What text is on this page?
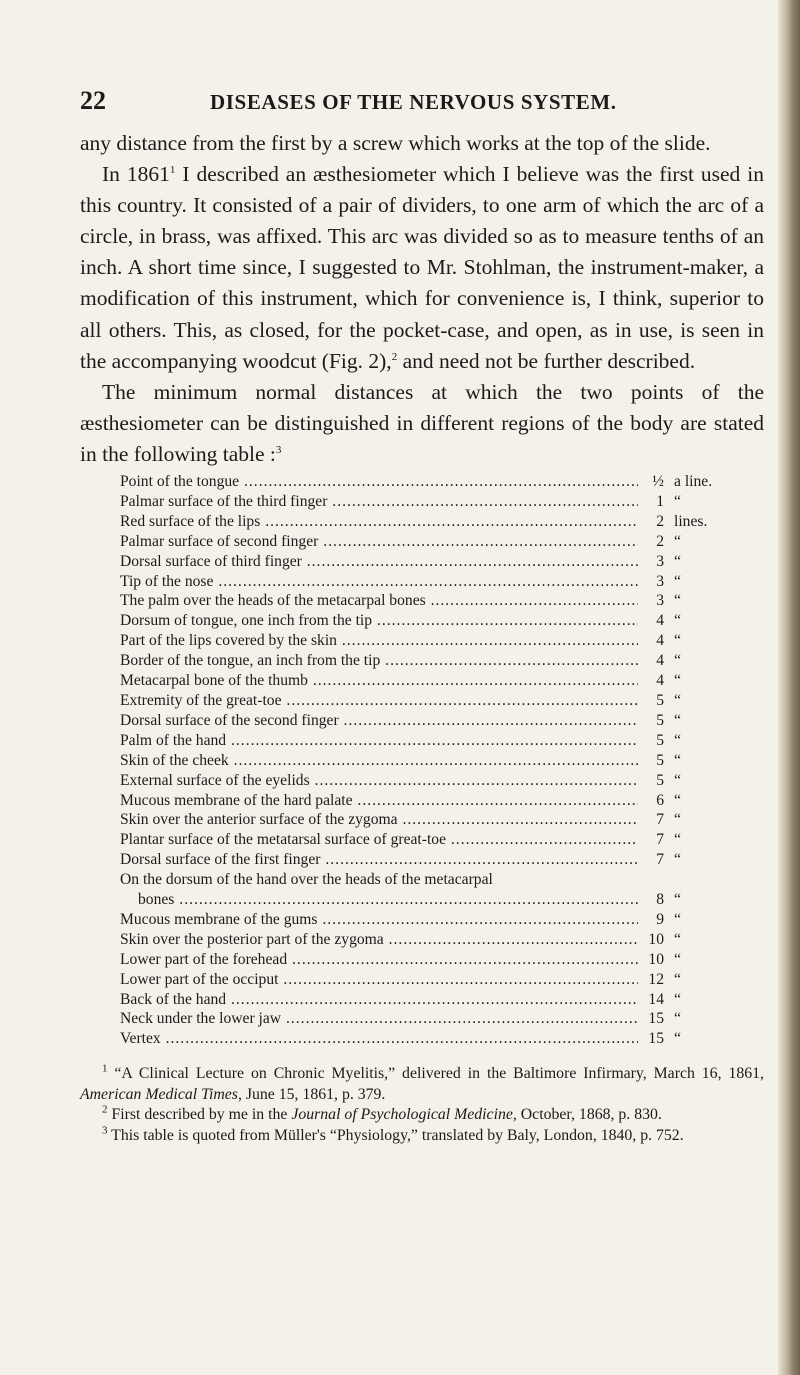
22	DISEASES OF THE NERVOUS SYSTEM.

any distance from the first by a screw which works at the top of the slide.

In 1861$^1$ I described an æsthesiometer which I believe was the first used in this country. It consisted of a pair of dividers, to one arm of which the arc of a circle, in brass, was affixed. This arc was divided so as to measure tenths of an inch. A short time since, I suggested to Mr. Stohlman, the instrument-maker, a modification of this instrument, which for convenience is, I think, superior to all others. This, as closed, for the pocket-case, and open, as in use, is seen in the accompanying woodcut (Fig. 2),$^2$ and need not be further described.

The minimum normal distances at which the two points of the æsthesiometer can be distinguished in different regions of the body are stated in the following table :$^3$

Point of the tongue .....	½ a line.
Palmar surface of the third finger .....	1 “
Red surface of the lips .....	2 lines.
Palmar surface of second finger .....	2 “
Dorsal surface of third finger .....	3 “
Tip of the nose .....	3 “
The palm over the heads of the metacarpal bones .....	3 “
Dorsum of tongue, one inch from the tip .....	4 “
Part of the lips covered by the skin .....	4 “
Border of the tongue, an inch from the tip .....	4 “
Metacarpal bone of the thumb .....	4 “
Extremity of the great-toe .....	5 “
Dorsal surface of the second finger .....	5 “
Palm of the hand .....	5 “
Skin of the cheek .....	5 “
External surface of the eyelids .....	5 “
Mucous membrane of the hard palate .....	6 “
Skin over the anterior surface of the zygoma .....	7 “
Plantar surface of the metatarsal surface of great-toe .....	7 “
Dorsal surface of the first finger .....	7 “
On the dorsum of the hand over the heads of the metacarpal
bones .....	8 “
Mucous membrane of the gums .....	9 “
Skin over the posterior part of the zygoma .....	10 “
Lower part of the forehead .....	10 “
Lower part of the occiput .....	12 “
Back of the hand .....	14 “
Neck under the lower jaw .....	15 “
Vertex .....	15 “

$^1$ “A Clinical Lecture on Chronic Myelitis,” delivered in the Baltimore Infirmary, March 16, 1861, American Medical Times, June 15, 1861, p. 379.

$^2$ First described by me in the Journal of Psychological Medicine, October, 1868, p. 830.

$^3$ This table is quoted from Müller's “Physiology,” translated by Baly, London, 1840, p. 752.
